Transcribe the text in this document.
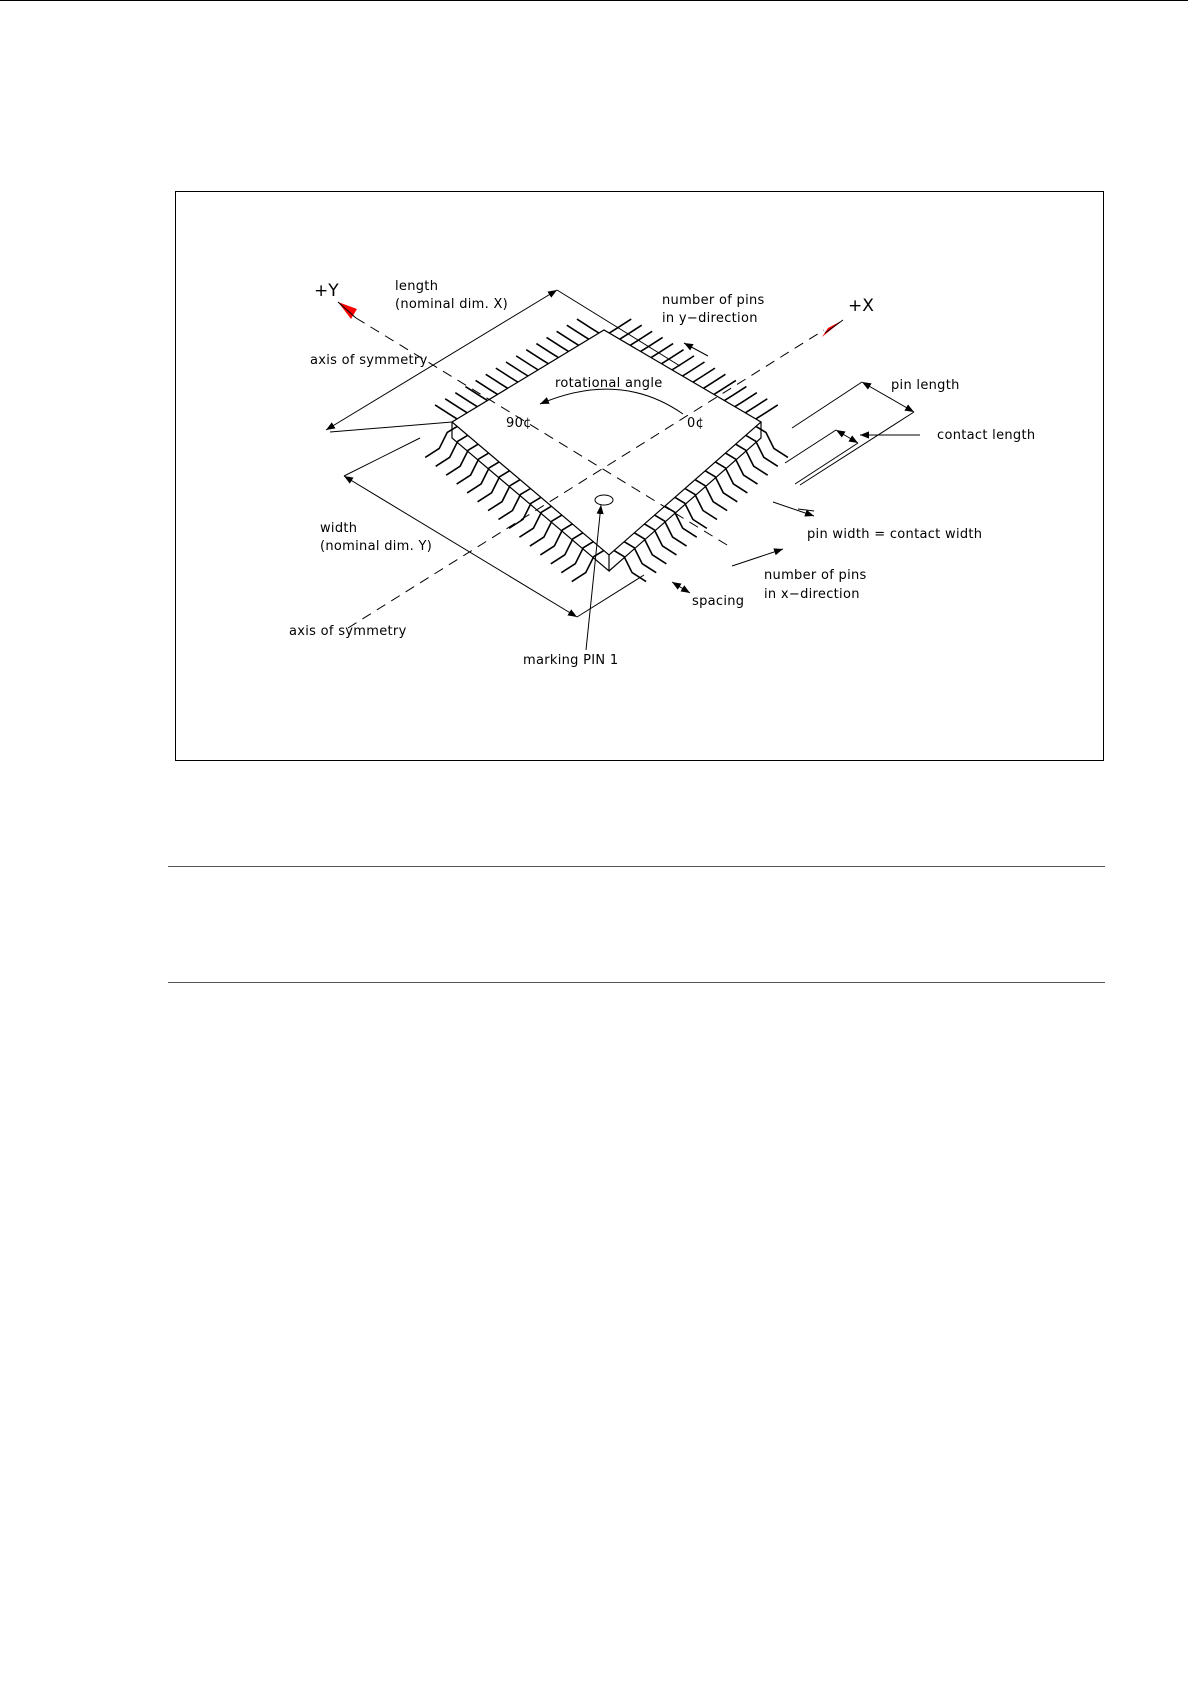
+Y
+X
length
(nominal dim. X)	number of pins
in y−direction
axis of symmetry
rotational angle
90¢	0¢
pin length
contact length
pin width = contact width
width
(nominal dim. Y)
number of pins
in x−direction
spacing
axis of symmetry
marking PIN 1
